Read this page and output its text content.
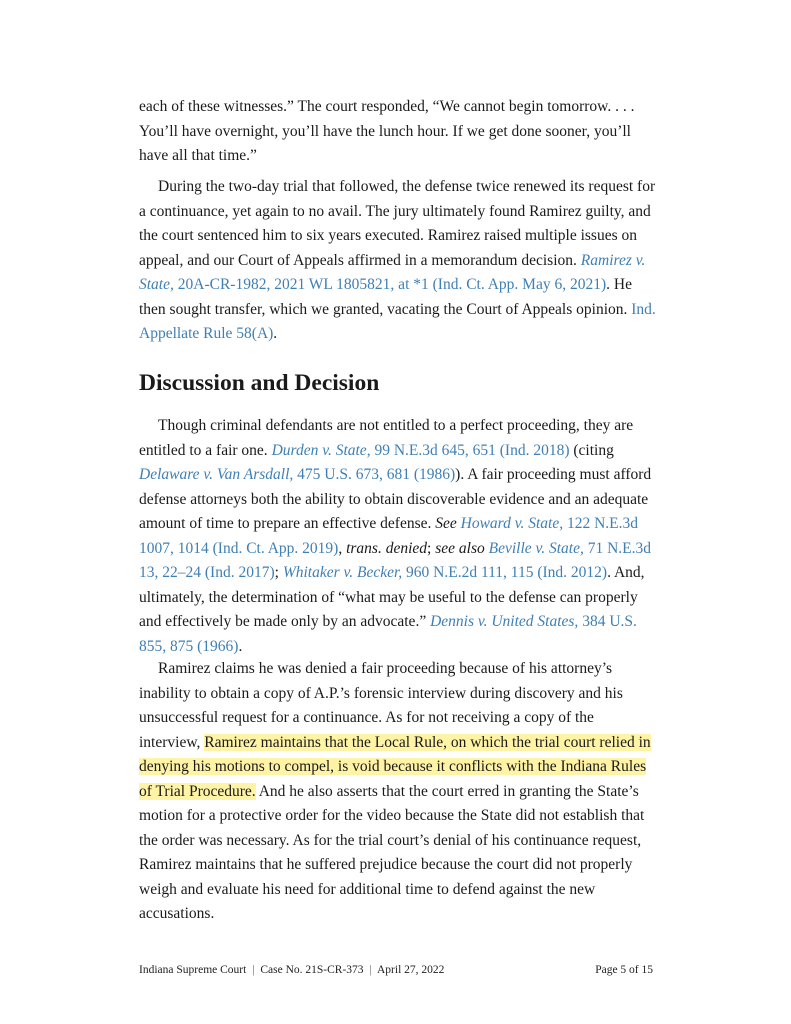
each of these witnesses.” The court responded, “We cannot begin tomorrow. . . . You’ll have overnight, you’ll have the lunch hour. If we get done sooner, you’ll have all that time.”

During the two-day trial that followed, the defense twice renewed its request for a continuance, yet again to no avail. The jury ultimately found Ramirez guilty, and the court sentenced him to six years executed. Ramirez raised multiple issues on appeal, and our Court of Appeals affirmed in a memorandum decision. Ramirez v. State, 20A-CR-1982, 2021 WL 1805821, at *1 (Ind. Ct. App. May 6, 2021). He then sought transfer, which we granted, vacating the Court of Appeals opinion. Ind. Appellate Rule 58(A).

Discussion and Decision

Though criminal defendants are not entitled to a perfect proceeding, they are entitled to a fair one. Durden v. State, 99 N.E.3d 645, 651 (Ind. 2018) (citing Delaware v. Van Arsdall, 475 U.S. 673, 681 (1986)). A fair proceeding must afford defense attorneys both the ability to obtain discoverable evidence and an adequate amount of time to prepare an effective defense. See Howard v. State, 122 N.E.3d 1007, 1014 (Ind. Ct. App. 2019), trans. denied; see also Beville v. State, 71 N.E.3d 13, 22–24 (Ind. 2017); Whitaker v. Becker, 960 N.E.2d 111, 115 (Ind. 2012). And, ultimately, the determination of “what may be useful to the defense can properly and effectively be made only by an advocate.” Dennis v. United States, 384 U.S. 855, 875 (1966).

Ramirez claims he was denied a fair proceeding because of his attorney’s inability to obtain a copy of A.P.’s forensic interview during discovery and his unsuccessful request for a continuance. As for not receiving a copy of the interview, Ramirez maintains that the Local Rule, on which the trial court relied in denying his motions to compel, is void because it conflicts with the Indiana Rules of Trial Procedure. And he also asserts that the court erred in granting the State’s motion for a protective order for the video because the State did not establish that the order was necessary. As for the trial court’s denial of his continuance request, Ramirez maintains that he suffered prejudice because the court did not properly weigh and evaluate his need for additional time to defend against the new accusations.

Indiana Supreme Court | Case No. 21S-CR-373 | April 27, 2022	Page 5 of 15
